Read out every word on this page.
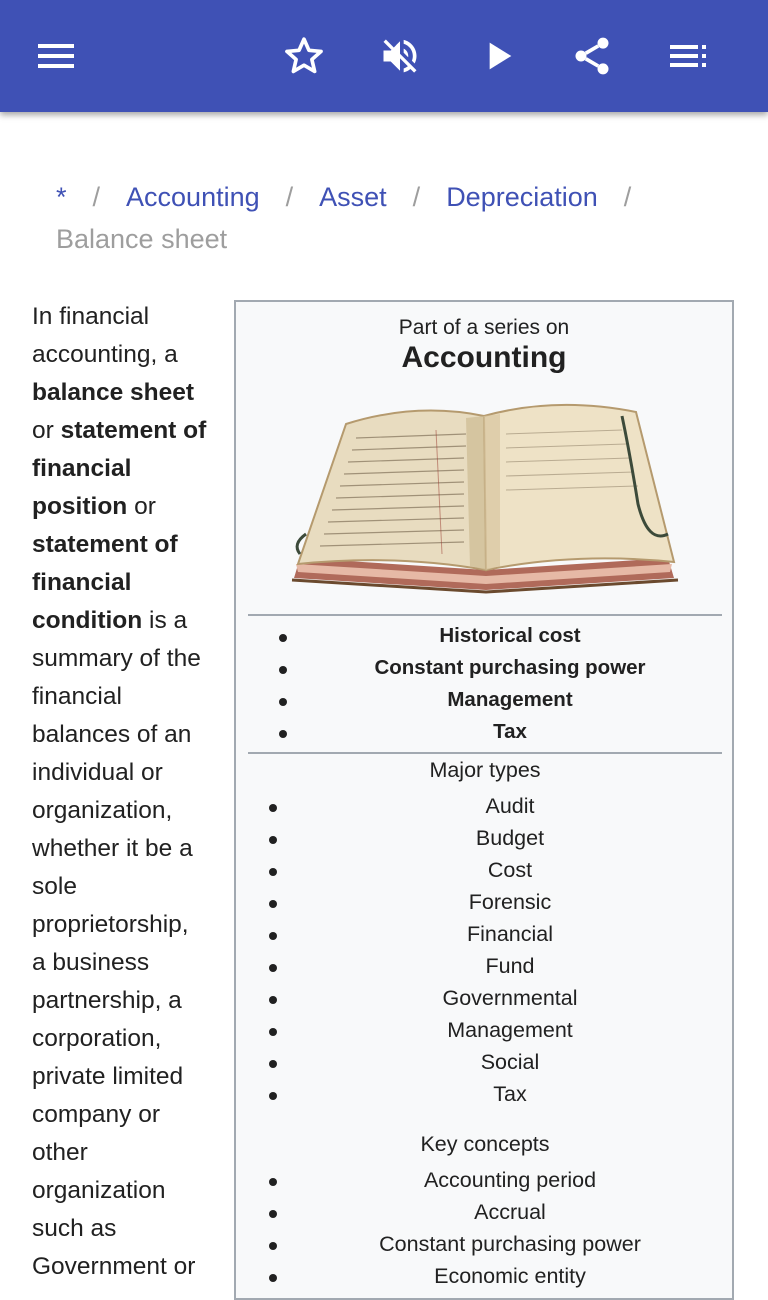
* / Accounting / Asset / Depreciation /
Balance sheet

In financial accounting, a balance sheet or statement of financial position or statement of financial condition is a summary of the financial balances of an individual or organization, whether it be a sole proprietorship, a business partnership, a corporation, private limited company or other organization such as Government or

Part of a series on
Accounting
Historical cost
Constant purchasing power
Management
Tax
Major types
Audit
Budget
Cost
Forensic
Financial
Fund
Governmental
Management
Social
Tax
Key concepts
Accounting period
Accrual
Constant purchasing power
Economic entity
